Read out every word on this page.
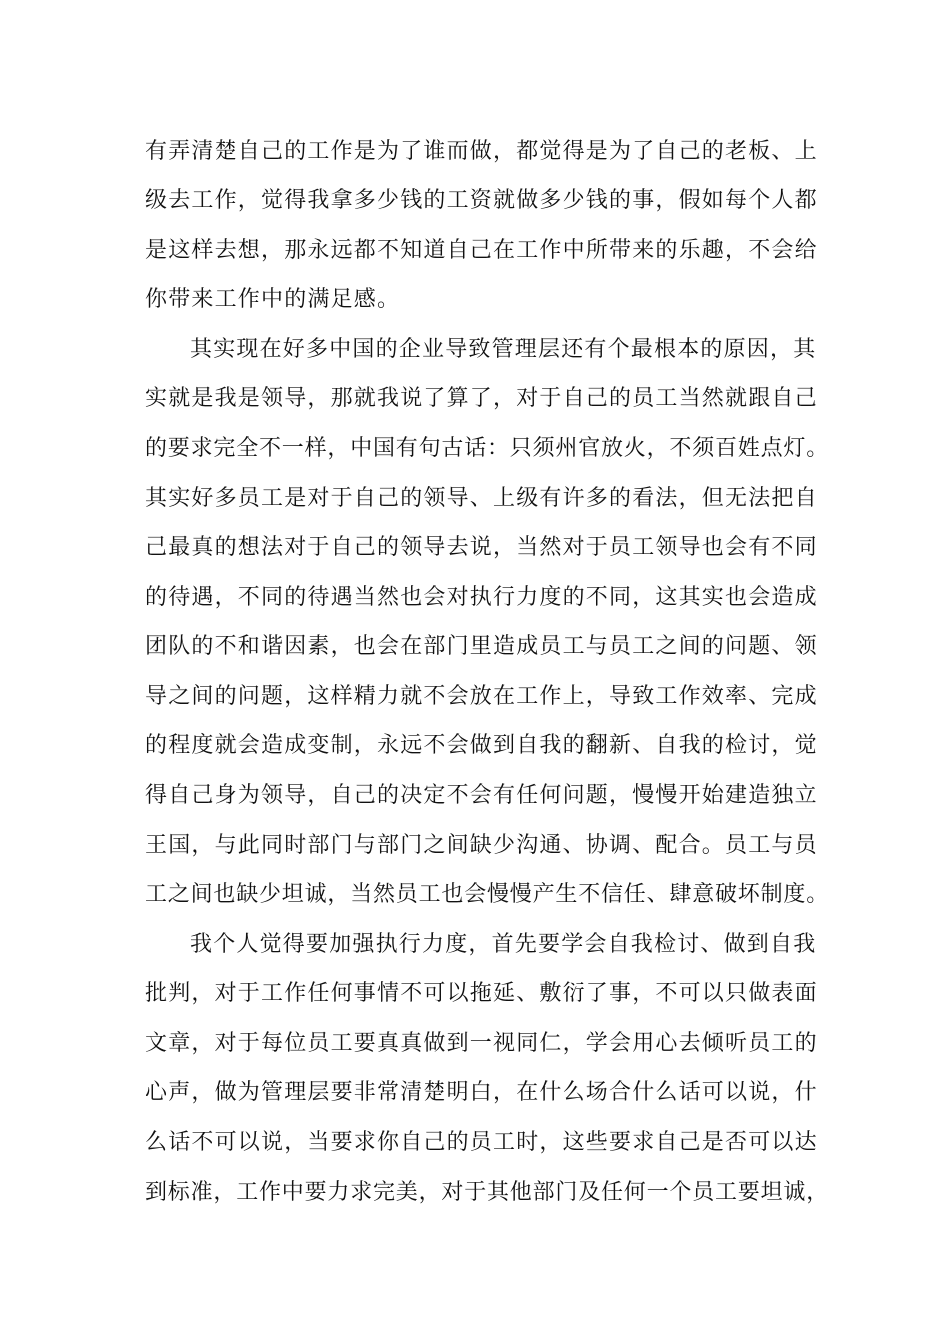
有弄清楚自己的工作是为了谁而做，都觉得是为了自己的老板、上
级去工作，觉得我拿多少钱的工资就做多少钱的事，假如每个人都
是这样去想，那永远都不知道自己在工作中所带来的乐趣，不会给
你带来工作中的满足感。
其实现在好多中国的企业导致管理层还有个最根本的原因，其
实就是我是领导，那就我说了算了，对于自己的员工当然就跟自己
的要求完全不一样，中国有句古话：只须州官放火，不须百姓点灯。
其实好多员工是对于自己的领导、上级有许多的看法，但无法把自
己最真的想法对于自己的领导去说，当然对于员工领导也会有不同
的待遇，不同的待遇当然也会对执行力度的不同，这其实也会造成
团队的不和谐因素，也会在部门里造成员工与员工之间的问题、领
导之间的问题，这样精力就不会放在工作上，导致工作效率、完成
的程度就会造成变制，永远不会做到自我的翻新、自我的检讨，觉
得自己身为领导，自己的决定不会有任何问题，慢慢开始建造独立
王国，与此同时部门与部门之间缺少沟通、协调、配合。员工与员
工之间也缺少坦诚，当然员工也会慢慢产生不信任、肆意破坏制度。
我个人觉得要加强执行力度，首先要学会自我检讨、做到自我
批判，对于工作任何事情不可以拖延、敷衍了事，不可以只做表面
文章，对于每位员工要真真做到一视同仁，学会用心去倾听员工的
心声，做为管理层要非常清楚明白，在什么场合什么话可以说，什
么话不可以说，当要求你自己的员工时，这些要求自己是否可以达
到标准，工作中要力求完美，对于其他部门及任何一个员工要坦诚，
